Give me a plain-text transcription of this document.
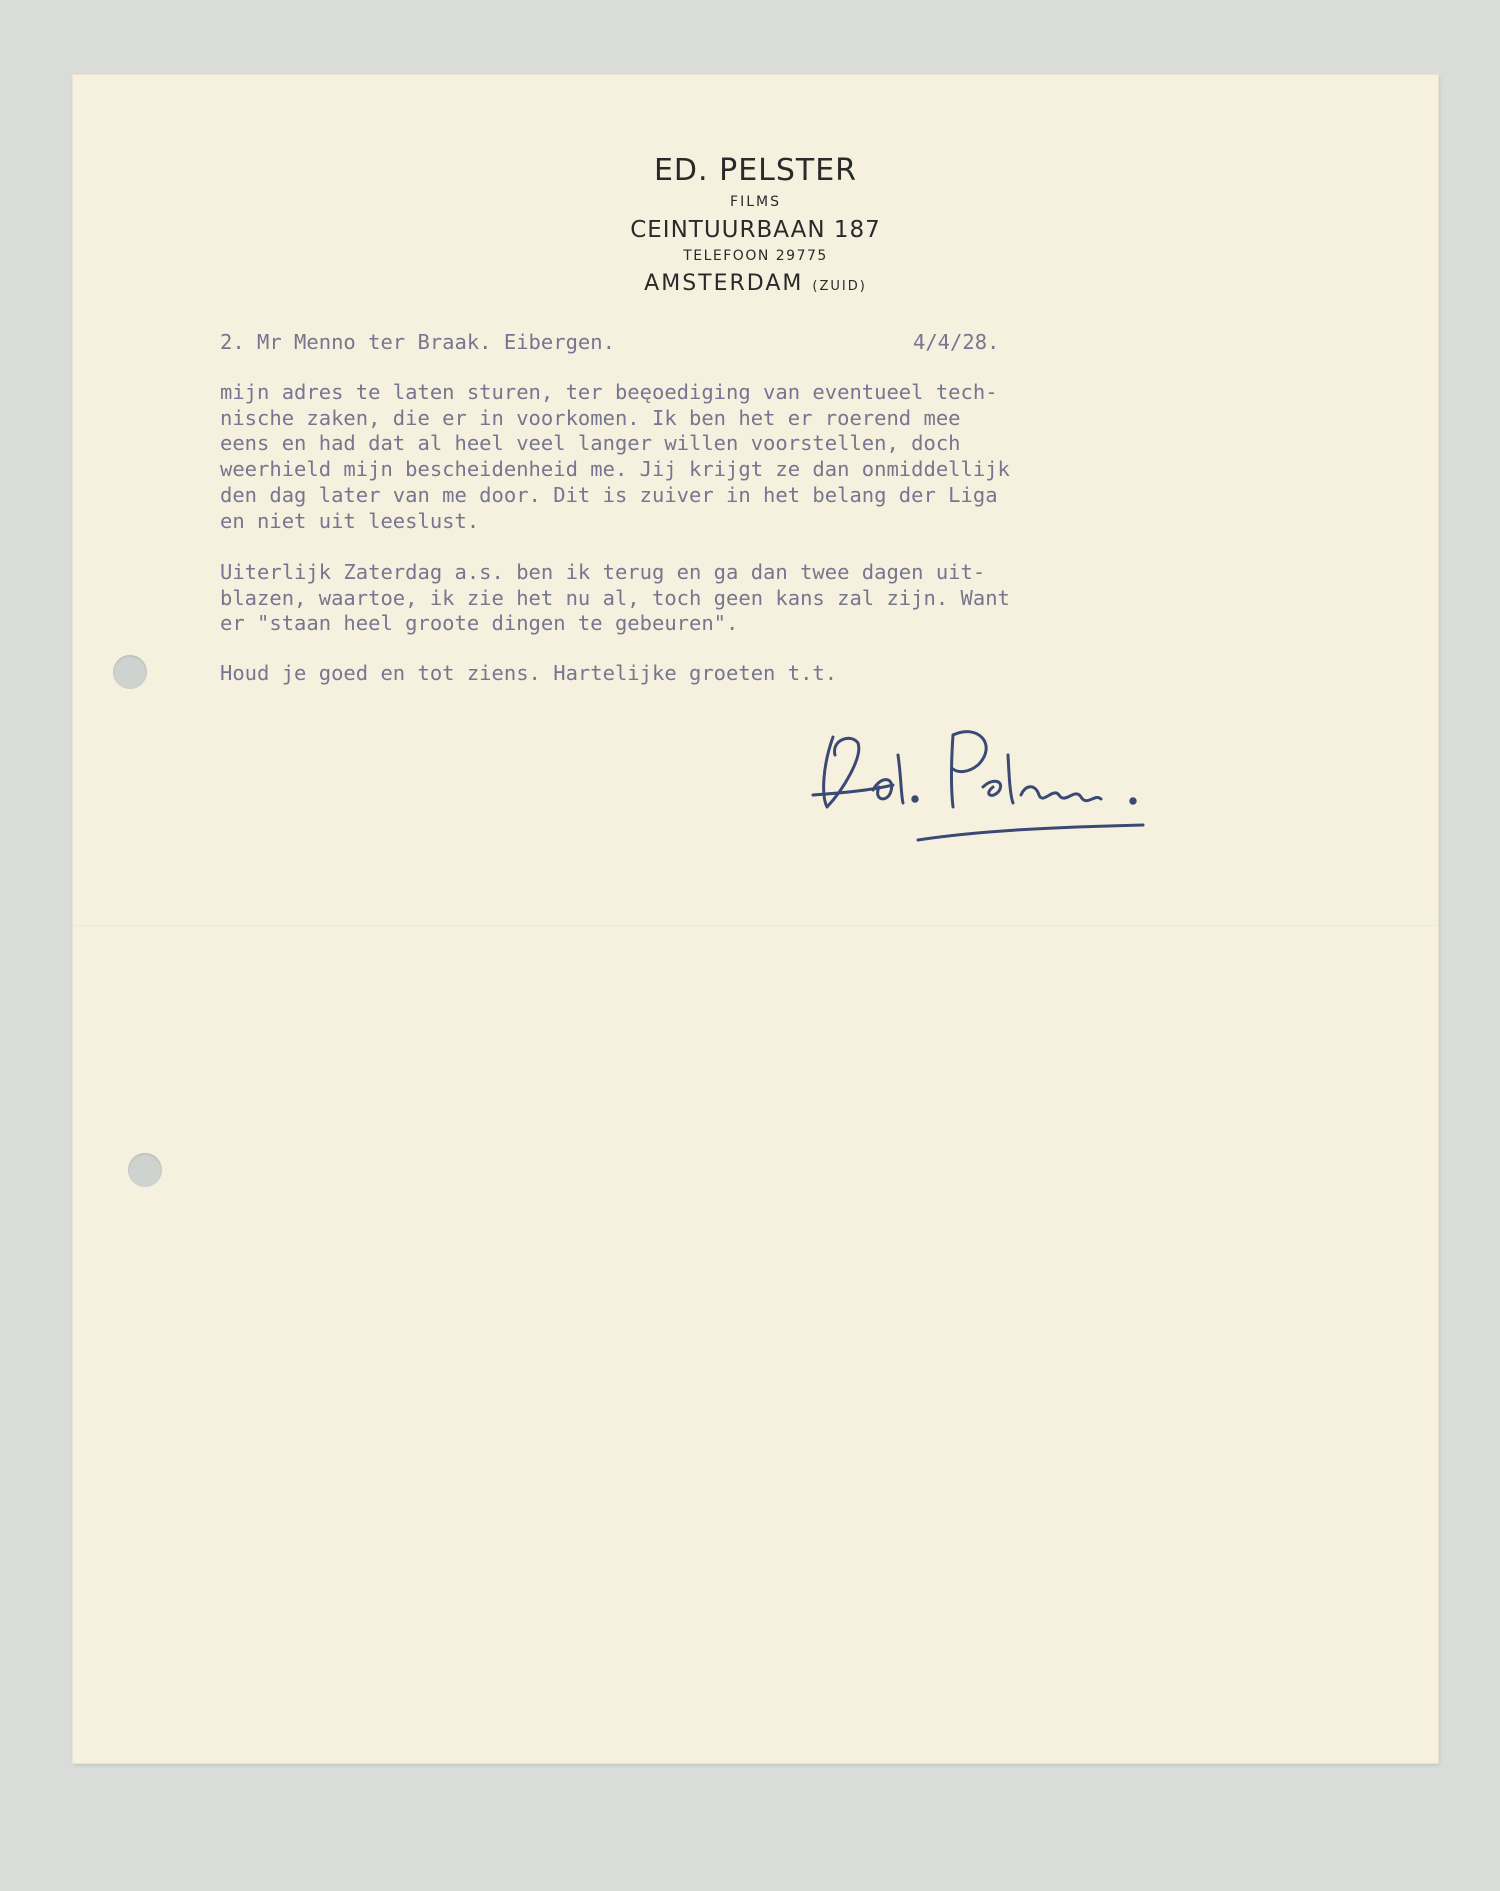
ED. PELSTER
FILMS
CEINTUURBAAN 187
TELEFOON 29775
AMSTERDAM (ZUID)
2. Mr Menno ter Braak. Eibergen.	4/4/28.
mijn adres te laten sturen, ter beęoediging van eventueel tech-
nische zaken, die er in voorkomen. Ik ben het er roerend mee
eens en had dat al heel veel langer willen voorstellen, doch
weerhield mijn bescheidenheid me. Jij krijgt ze dan onmiddellijk
den dag later van me door. Dit is zuiver in het belang der Liga
en niet uit leeslust.
Uiterlijk Zaterdag a.s. ben ik terug en ga dan twee dagen uit-
blazen, waartoe, ik zie het nu al, toch geen kans zal zijn. Want
er "staan heel groote dingen te gebeuren".
Houd je goed en tot ziens. Hartelijke groeten t.t.
